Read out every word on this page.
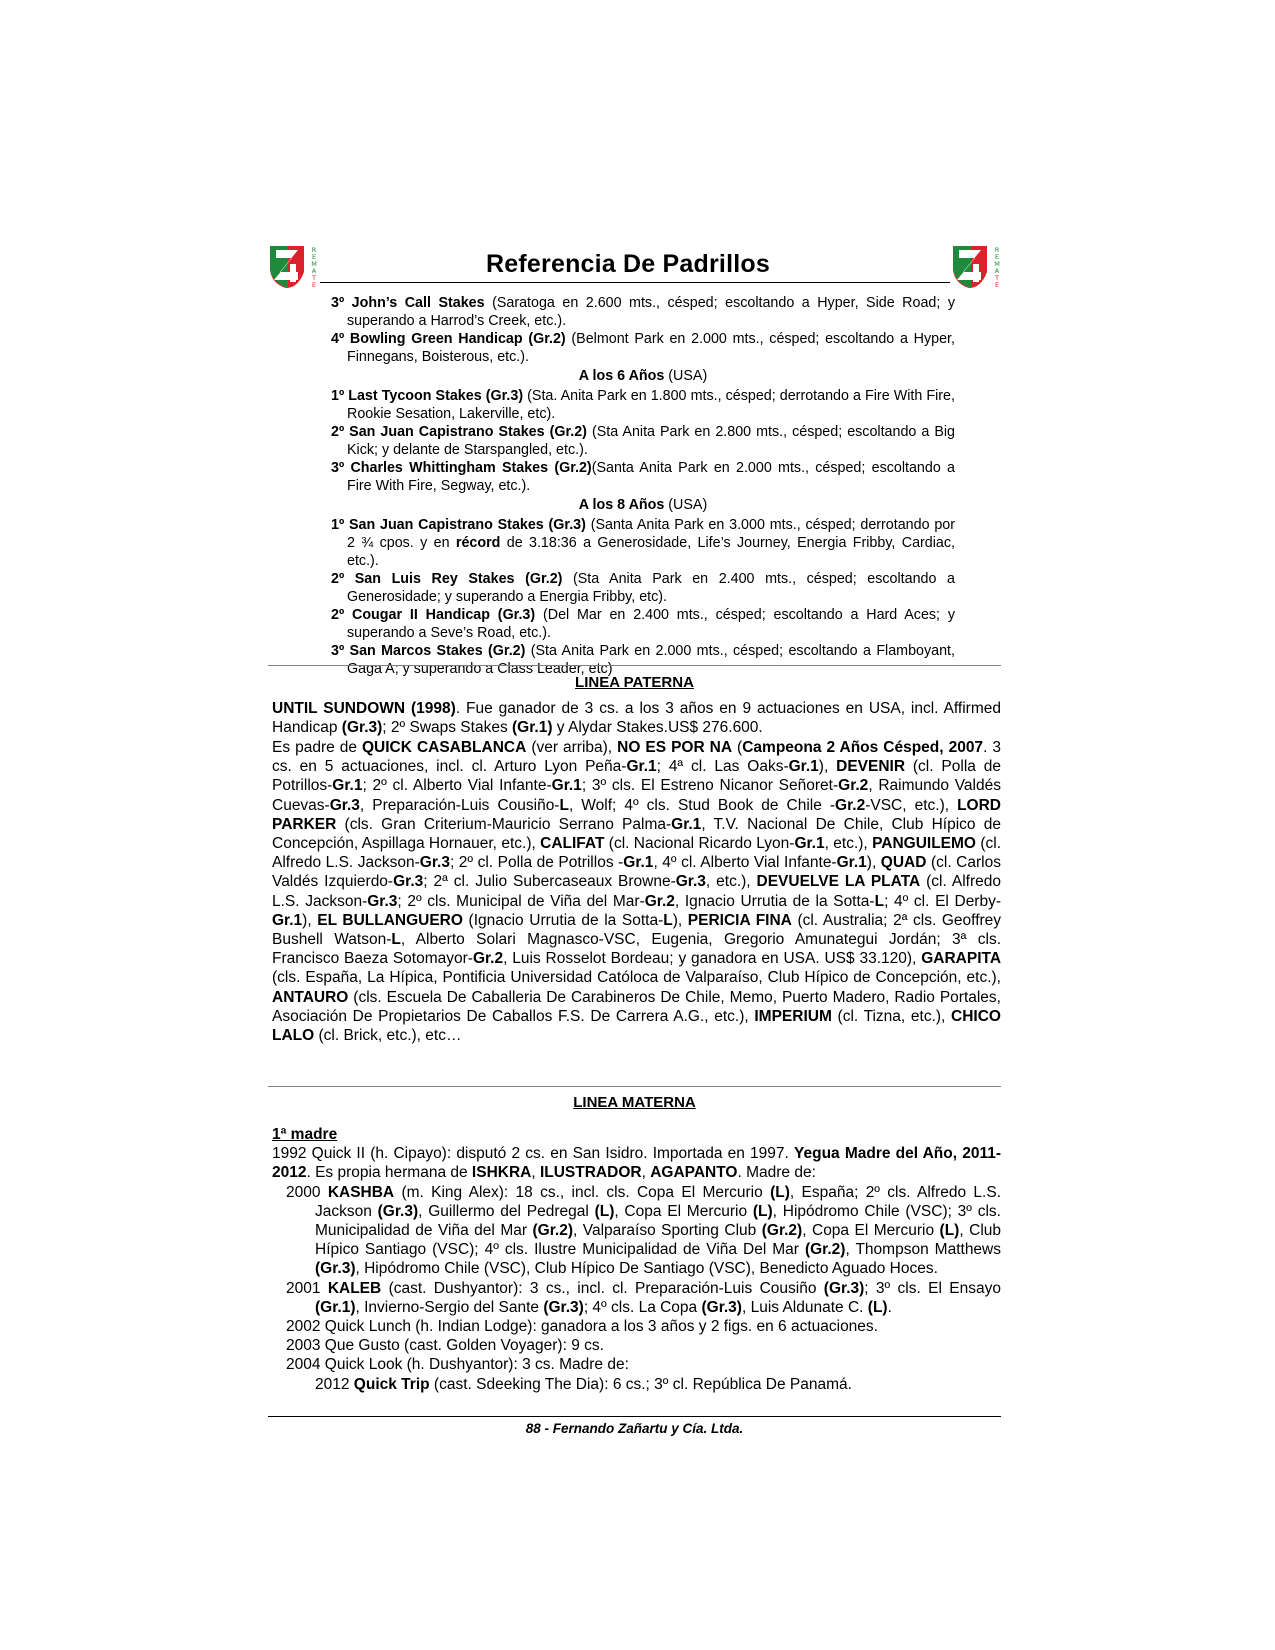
R
E
M
A
T
E
Referencia De Padrillos	R
E
M
A
T
E
3º John’s Call Stakes (Saratoga en 2.600 mts., césped; escoltando a Hyper, Side Road; y superando a Harrod’s Creek, etc.).
4º Bowling Green Handicap (Gr.2) (Belmont Park en 2.000 mts., césped; escoltando a Hyper, Finnegans, Boisterous, etc.).
A los 6 Años (USA)
1º Last Tycoon Stakes (Gr.3) (Sta. Anita Park en 1.800 mts., césped; derrotando a Fire With Fire, Rookie Sesation, Lakerville, etc).
2º San Juan Capistrano Stakes (Gr.2) (Sta Anita Park en 2.800 mts., césped; escoltando a Big Kick; y delante de Starspangled, etc.).
3º Charles Whittingham Stakes (Gr.2)(Santa Anita Park en 2.000 mts., césped; escoltando a Fire With Fire, Segway, etc.).
A los 8 Años (USA)
1º San Juan Capistrano Stakes (Gr.3) (Santa Anita Park en 3.000 mts., césped; derrotando por 2 ¾ cpos. y en récord de 3.18:36 a Generosidade, Life’s Journey, Energia Fribby, Cardiac, etc.).
2º San Luis Rey Stakes (Gr.2) (Sta Anita Park en 2.400 mts., césped; escoltando a Generosidade; y superando a Energia Fribby, etc).
2º Cougar II Handicap (Gr.3) (Del Mar en 2.400 mts., césped; escoltando a Hard Aces; y superando a Seve’s Road, etc.).
3º San Marcos Stakes (Gr.2) (Sta Anita Park en 2.000 mts., césped; escoltando a Flamboyant, Gaga A; y superando a Class Leader, etc)
LINEA PATERNA
UNTIL SUNDOWN (1998). Fue ganador de 3 cs. a los 3 años en 9 actuaciones en USA, incl. Affirmed Handicap (Gr.3); 2º Swaps Stakes (Gr.1) y Alydar Stakes.US$ 276.600.
Es padre de QUICK CASABLANCA (ver arriba), NO ES POR NA (Campeona 2 Años Césped, 2007. 3 cs. en 5 actuaciones, incl. cl. Arturo Lyon Peña-Gr.1; 4ª cl. Las Oaks-Gr.1), DEVENIR (cl. Polla de Potrillos-Gr.1; 2º cl. Alberto Vial Infante-Gr.1; 3º cls. El Estreno Nicanor Señoret-Gr.2, Raimundo Valdés Cuevas-Gr.3, Preparación-Luis Cousiño-L, Wolf; 4º cls. Stud Book de Chile -Gr.2-VSC, etc.), LORD PARKER (cls. Gran Criterium-Mauricio Serrano Palma-Gr.1, T.V. Nacional De Chile, Club Hípico de Concepción, Aspillaga Hornauer, etc.), CALIFAT (cl. Nacional Ricardo Lyon-Gr.1, etc.), PANGUILEMO (cl. Alfredo L.S. Jackson-Gr.3; 2º cl. Polla de Potrillos -Gr.1, 4º cl. Alberto Vial Infante-Gr.1), QUAD (cl. Carlos Valdés Izquierdo-Gr.3; 2ª cl. Julio Subercaseaux Browne-Gr.3, etc.), DEVUELVE LA PLATA (cl. Alfredo L.S. Jackson-Gr.3; 2º cls. Municipal de Viña del Mar-Gr.2, Ignacio Urrutia de la Sotta-L; 4º cl. El Derby-Gr.1), EL BULLANGUERO (Ignacio Urrutia de la Sotta-L), PERICIA FINA (cl. Australia; 2ª cls. Geoffrey Bushell Watson-L, Alberto Solari Magnasco-VSC, Eugenia, Gregorio Amunategui Jordán; 3ª cls. Francisco Baeza Sotomayor-Gr.2, Luis Rosselot Bordeau; y ganadora en USA. US$ 33.120), GARAPITA (cls. España, La Hípica, Pontificia Universidad Católoca de Valparaíso, Club Hípico de Concepción, etc.), ANTAURO (cls. Escuela De Caballeria De Carabineros De Chile, Memo, Puerto Madero, Radio Portales, Asociación De Propietarios De Caballos F.S. De Carrera A.G., etc.), IMPERIUM (cl. Tizna, etc.), CHICO LALO (cl. Brick, etc.), etc…
LINEA MATERNA
1ª madre
1992 Quick II (h. Cipayo): disputó 2 cs. en San Isidro. Importada en 1997. Yegua Madre del Año, 2011-2012. Es propia hermana de ISHKRA, ILUSTRADOR, AGAPANTO. Madre de:
2000 KASHBA (m. King Alex): 18 cs., incl. cls. Copa El Mercurio (L), España; 2º cls. Alfredo L.S. Jackson (Gr.3), Guillermo del Pedregal (L), Copa El Mercurio (L), Hipódromo Chile (VSC); 3º cls. Municipalidad de Viña del Mar (Gr.2), Valparaíso Sporting Club (Gr.2), Copa El Mercurio (L), Club Hípico Santiago (VSC); 4º cls. Ilustre Municipalidad de Viña Del Mar (Gr.2), Thompson Matthews (Gr.3), Hipódromo Chile (VSC), Club Hípico De Santiago (VSC), Benedicto Aguado Hoces.
2001 KALEB (cast. Dushyantor): 3 cs., incl. cl. Preparación-Luis Cousiño (Gr.3); 3º cls. El Ensayo (Gr.1), Invierno-Sergio del Sante (Gr.3); 4º cls. La Copa (Gr.3), Luis Aldunate C. (L).
2002 Quick Lunch (h. Indian Lodge): ganadora a los 3 años y 2 figs. en 6 actuaciones.
2003 Que Gusto (cast. Golden Voyager): 9 cs.
2004 Quick Look (h. Dushyantor): 3 cs. Madre de:
2012 Quick Trip (cast. Sdeeking The Dia): 6 cs.; 3º cl. República De Panamá.
88 - Fernando Zañartu y Cía. Ltda.
